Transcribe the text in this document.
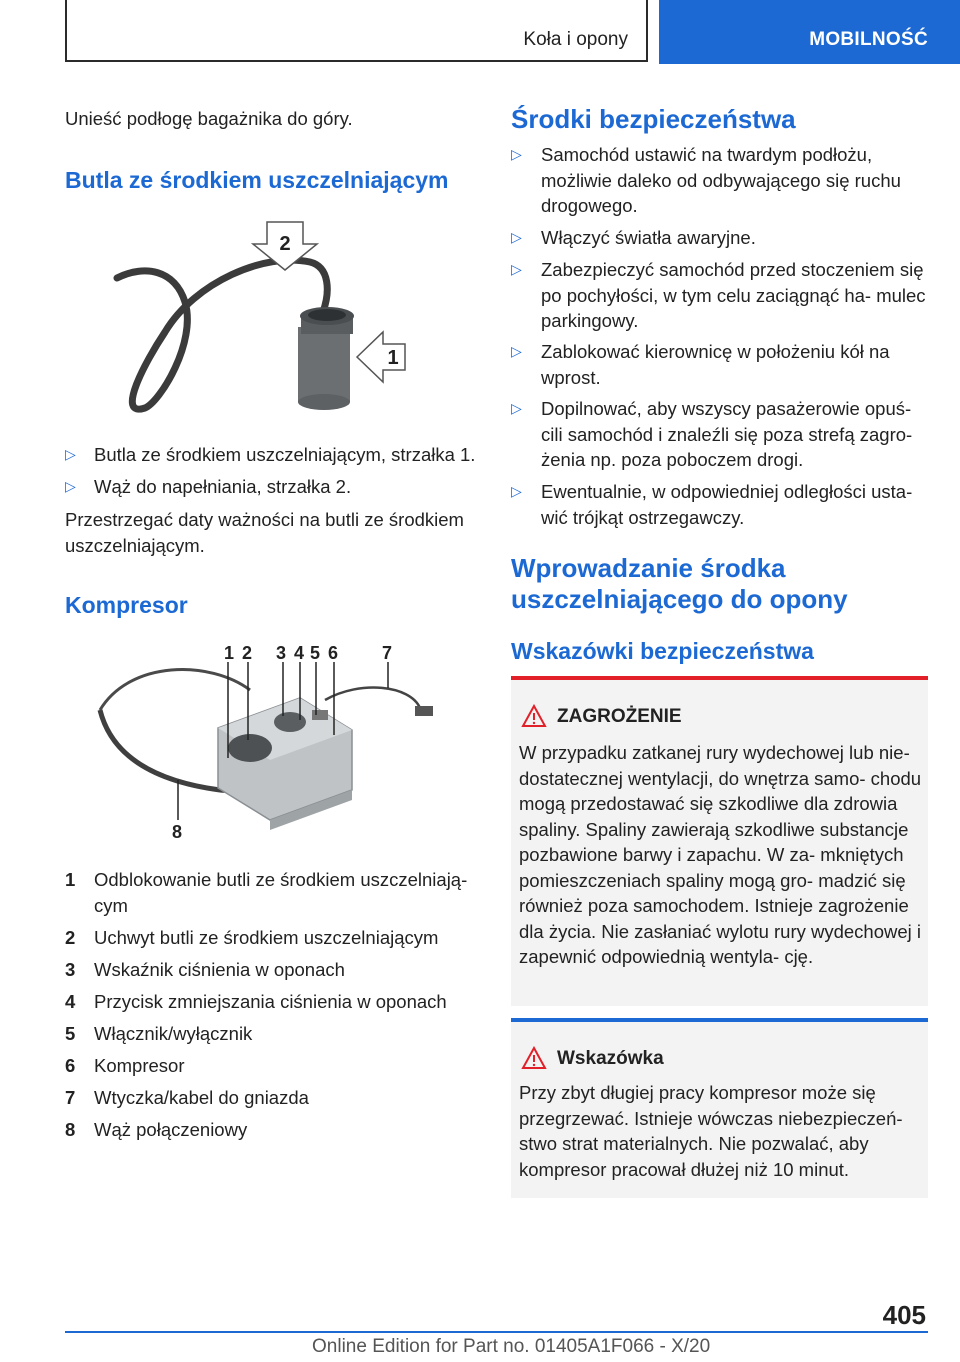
Koła i opony	MOBILNOŚĆ
Unieść podłogę bagażnika do góry.
Butla ze środkiem uszczelniającym
2
1
▷ Butla ze środkiem uszczelniającym, strzałka 1.
▷ Wąż do napełniania, strzałka 2.
Przestrzegać daty ważności na butli ze środkiem uszczelniającym.
Kompresor
1 2 3 4 5 6 7
8
1 Odblokowanie butli ze środkiem uszczelniają‐ cym
2 Uchwyt butli ze środkiem uszczelniającym
3 Wskaźnik ciśnienia w oponach
4 Przycisk zmniejszania ciśnienia w oponach
5 Włącznik/wyłącznik
6 Kompresor
7 Wtyczka/kabel do gniazda
8 Wąż połączeniowy
Środki bezpieczeństwa
▷ Samochód ustawić na twardym podłożu, możliwie daleko od odbywającego się ruchu drogowego.
▷ Włączyć światła awaryjne.
▷ Zabezpieczyć samochód przed stoczeniem się po pochyłości, w tym celu zaciągnąć ha‐ mulec parkingowy.
▷ Zablokować kierownicę w położeniu kół na wprost.
▷ Dopilnować, aby wszyscy pasażerowie opuś‐ cili samochód i znaleźli się poza strefą zagro‐ żenia np. poza poboczem drogi.
▷ Ewentualnie, w odpowiedniej odległości usta‐ wić trójkąt ostrzegawczy.
Wprowadzanie środka uszczelniającego do opony
Wskazówki bezpieczeństwa
ZAGROŻENIE
W przypadku zatkanej rury wydechowej lub nie‐ dostatecznej wentylacji, do wnętrza samo‐ chodu mogą przedostawać się szkodliwe dla zdrowia spaliny. Spaliny zawierają szkodliwe substancje pozbawione barwy i zapachu. W za‐ mkniętych pomieszczeniach spaliny mogą gro‐ madzić się również poza samochodem. Istnieje zagrożenie dla życia. Nie zasłaniać wylotu rury wydechowej i zapewnić odpowiednią wentyla‐ cję.
Wskazówka
Przy zbyt długiej pracy kompresor może się przegrzewać. Istnieje wówczas niebezpieczeń‐ stwo strat materialnych. Nie pozwalać, aby kompresor pracował dłużej niż 10 minut.
405
Online Edition for Part no. 01405A1F066 - X/20
